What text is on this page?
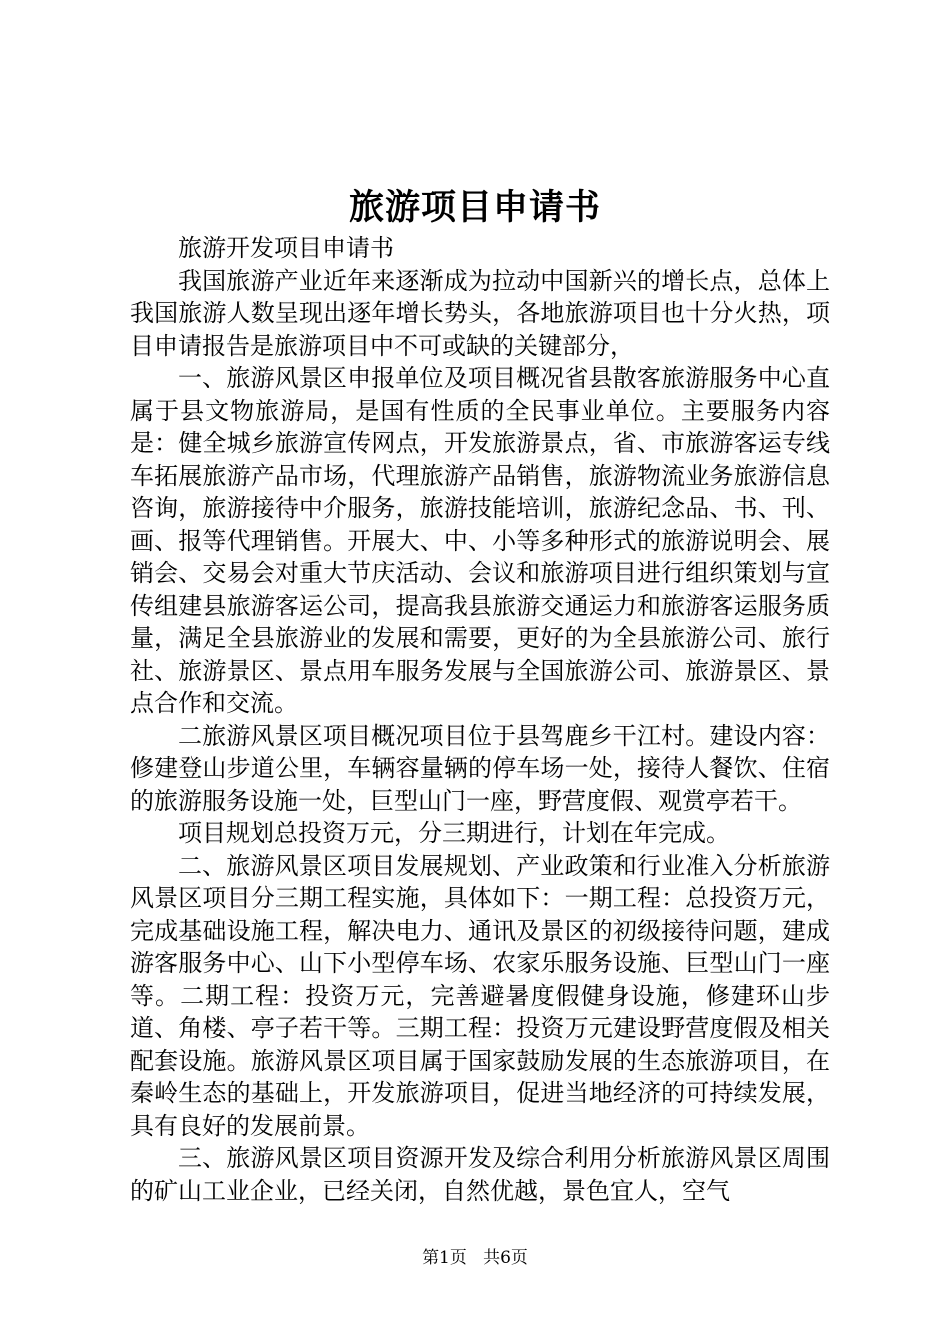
旅游项目申请书

旅游开发项目申请书

我国旅游产业近年来逐渐成为拉动中国新兴的增长点，总体上我国旅游人数呈现出逐年增长势头，各地旅游项目也十分火热，项目申请报告是旅游项目中不可或缺的关键部分，

一、旅游风景区申报单位及项目概况省县散客旅游服务中心直属于县文物旅游局，是国有性质的全民事业单位。主要服务内容是：健全城乡旅游宣传网点，开发旅游景点，省、市旅游客运专线车拓展旅游产品市场，代理旅游产品销售，旅游物流业务旅游信息咨询，旅游接待中介服务，旅游技能培训，旅游纪念品、书、刊、画、报等代理销售。开展大、中、小等多种形式的旅游说明会、展销会、交易会对重大节庆活动、会议和旅游项目进行组织策划与宣传组建县旅游客运公司，提高我县旅游交通运力和旅游客运服务质量，满足全县旅游业的发展和需要，更好的为全县旅游公司、旅行社、旅游景区、景点用车服务发展与全国旅游公司、旅游景区、景点合作和交流。

二旅游风景区项目概况项目位于县驾鹿乡干江村。建设内容：修建登山步道公里，车辆容量辆的停车场一处，接待人餐饮、住宿的旅游服务设施一处，巨型山门一座，野营度假、观赏亭若干。

项目规划总投资万元，分三期进行，计划在年完成。

二、旅游风景区项目发展规划、产业政策和行业准入分析旅游风景区项目分三期工程实施，具体如下：一期工程：总投资万元，完成基础设施工程，解决电力、通讯及景区的初级接待问题，建成游客服务中心、山下小型停车场、农家乐服务设施、巨型山门一座等。二期工程：投资万元，完善避暑度假健身设施，修建环山步道、角楼、亭子若干等。三期工程：投资万元建设野营度假及相关配套设施。旅游风景区项目属于国家鼓励发展的生态旅游项目，在秦岭生态的基础上，开发旅游项目，促进当地经济的可持续发展，具有良好的发展前景。

三、旅游风景区项目资源开发及综合利用分析旅游风景区周围的矿山工业企业，已经关闭，自然优越，景色宜人，空气

第1页 共6页
